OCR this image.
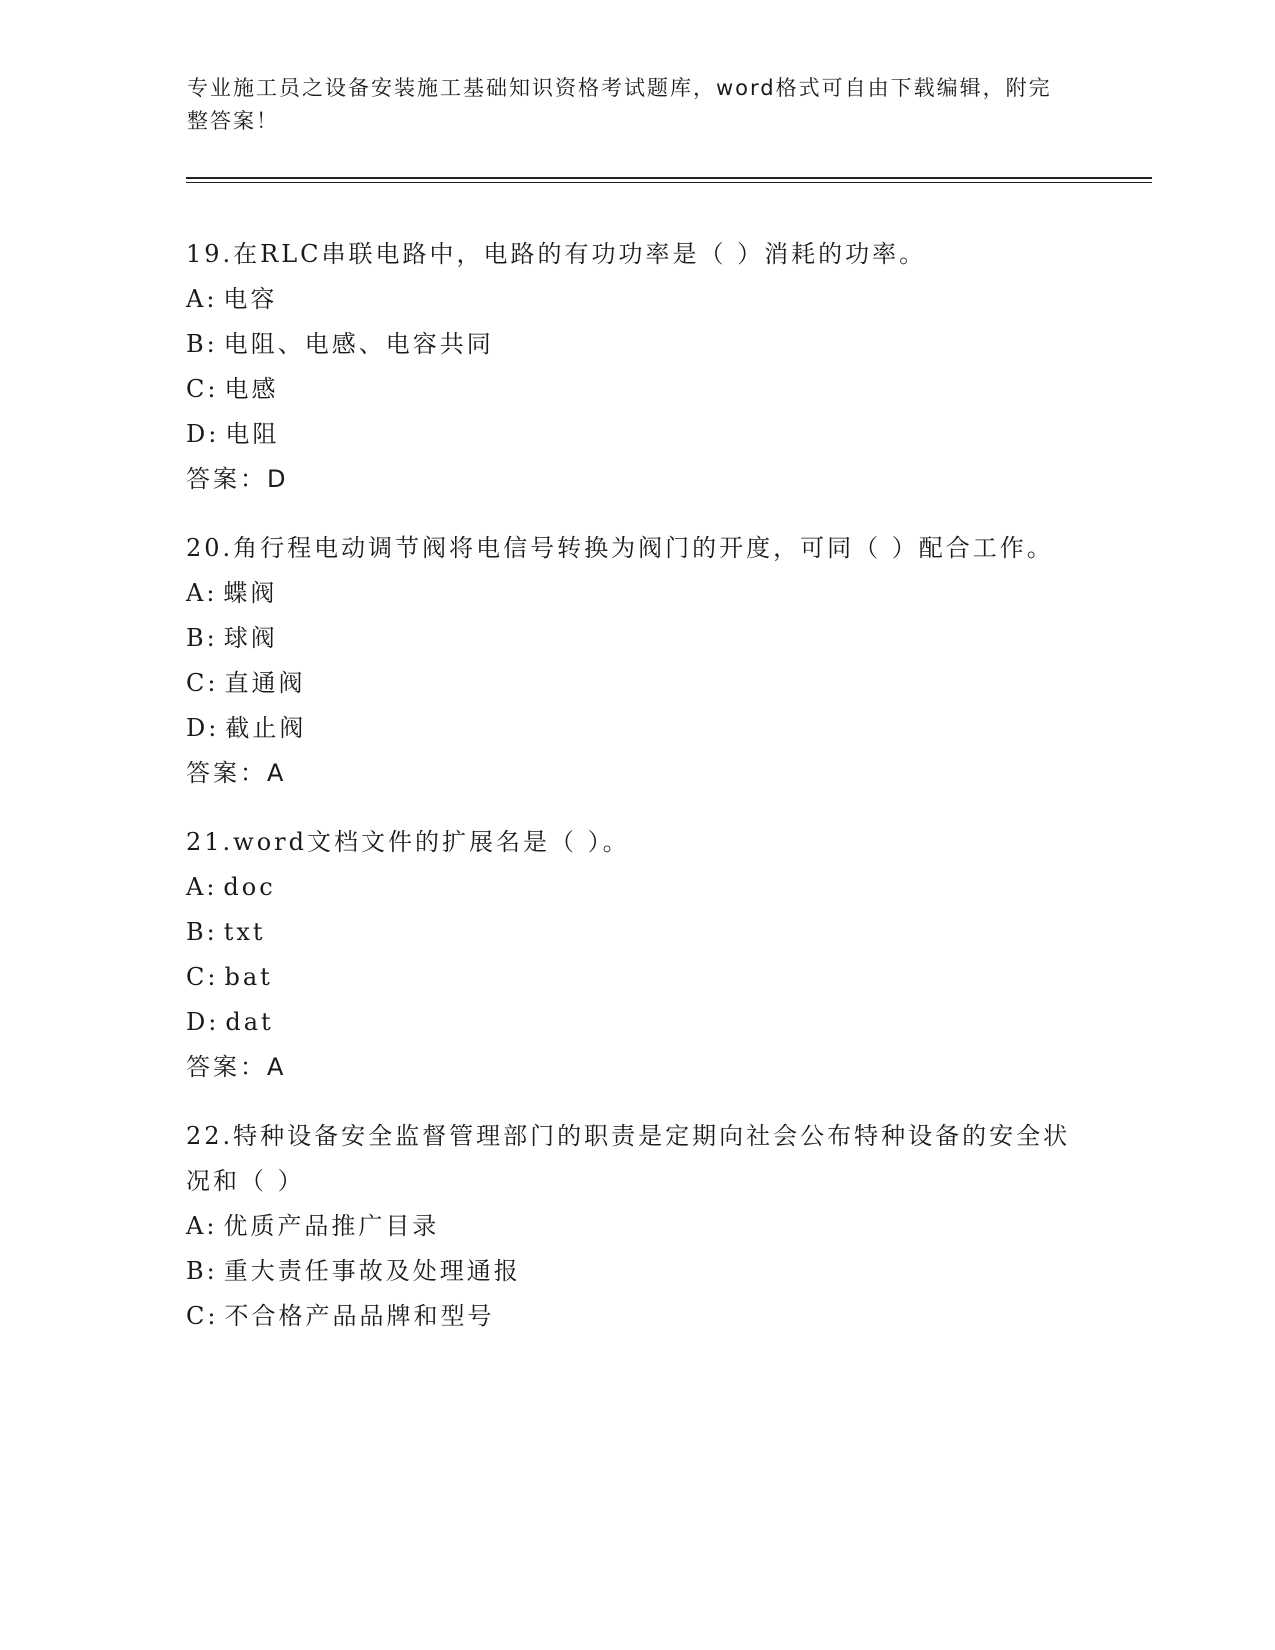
专业施工员之设备安装施工基础知识资格考试题库，word格式可自由下载编辑，附完整答案！

19.在RLC串联电路中，电路的有功功率是（ ）消耗的功率。

A: 电容

B: 电阻、电感、电容共同

C: 电感

D: 电阻

答案：D

20.角行程电动调节阀将电信号转换为阀门的开度，可同（ ）配合工作。

A: 蝶阀

B: 球阀

C: 直通阀

D: 截止阀

答案：A

21.word文档文件的扩展名是（ ）。

A: doc

B: txt

C: bat

D: dat

答案：A

22.特种设备安全监督管理部门的职责是定期向社会公布特种设备的安全状况和（ ）

A: 优质产品推广目录

B: 重大责任事故及处理通报

C: 不合格产品品牌和型号
